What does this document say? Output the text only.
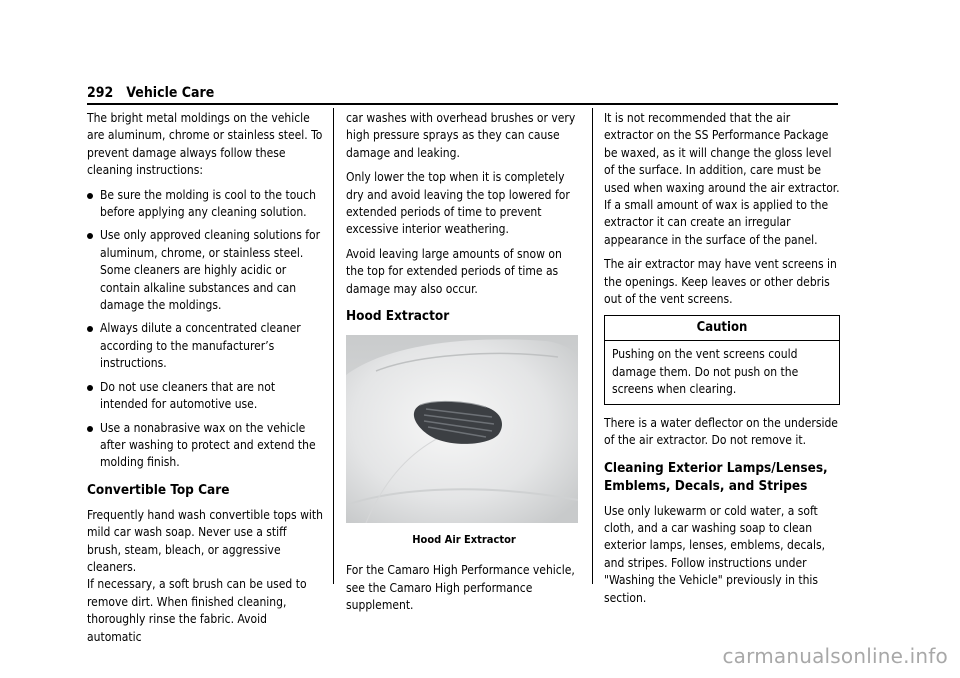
292 Vehicle Care

The bright metal moldings on the vehicle are aluminum, chrome or stainless steel. To prevent damage always follow these cleaning instructions:

Be sure the molding is cool to the touch before applying any cleaning solution.
Use only approved cleaning solutions for aluminum, chrome, or stainless steel. Some cleaners are highly acidic or contain alkaline substances and can damage the moldings.
Always dilute a concentrated cleaner according to the manufacturer’s instructions.
Do not use cleaners that are not intended for automotive use.
Use a nonabrasive wax on the vehicle after washing to protect and extend the molding finish.
Convertible Top Care

Frequently hand wash convertible tops with mild car wash soap. Never use a stiff brush, steam, bleach, or aggressive cleaners.

If necessary, a soft brush can be used to remove dirt. When finished cleaning, thoroughly rinse the fabric. Avoid automatic

car washes with overhead brushes or very high pressure sprays as they can cause damage and leaking.

Only lower the top when it is completely dry and avoid leaving the top lowered for extended periods of time to prevent excessive interior weathering.

Avoid leaving large amounts of snow on the top for extended periods of time as damage may also occur.

Hood Extractor
Hood Air Extractor

For the Camaro High Performance vehicle, see the Camaro High performance supplement.

It is not recommended that the air extractor on the SS Performance Package be waxed, as it will change the gloss level of the surface. In addition, care must be used when waxing around the air extractor. If a small amount of wax is applied to the extractor it can create an irregular appearance in the surface of the panel.

The air extractor may have vent screens in the openings. Keep leaves or other debris out of the vent screens.

Caution
Pushing on the vent screens could damage them. Do not push on the screens when clearing.

There is a water deflector on the underside of the air extractor. Do not remove it.

Cleaning Exterior Lamps/Lenses, Emblems, Decals, and Stripes

Use only lukewarm or cold water, a soft cloth, and a car washing soap to clean exterior lamps, lenses, emblems, decals, and stripes. Follow instructions under "Washing the Vehicle" previously in this section.

carmanualsonline.info
